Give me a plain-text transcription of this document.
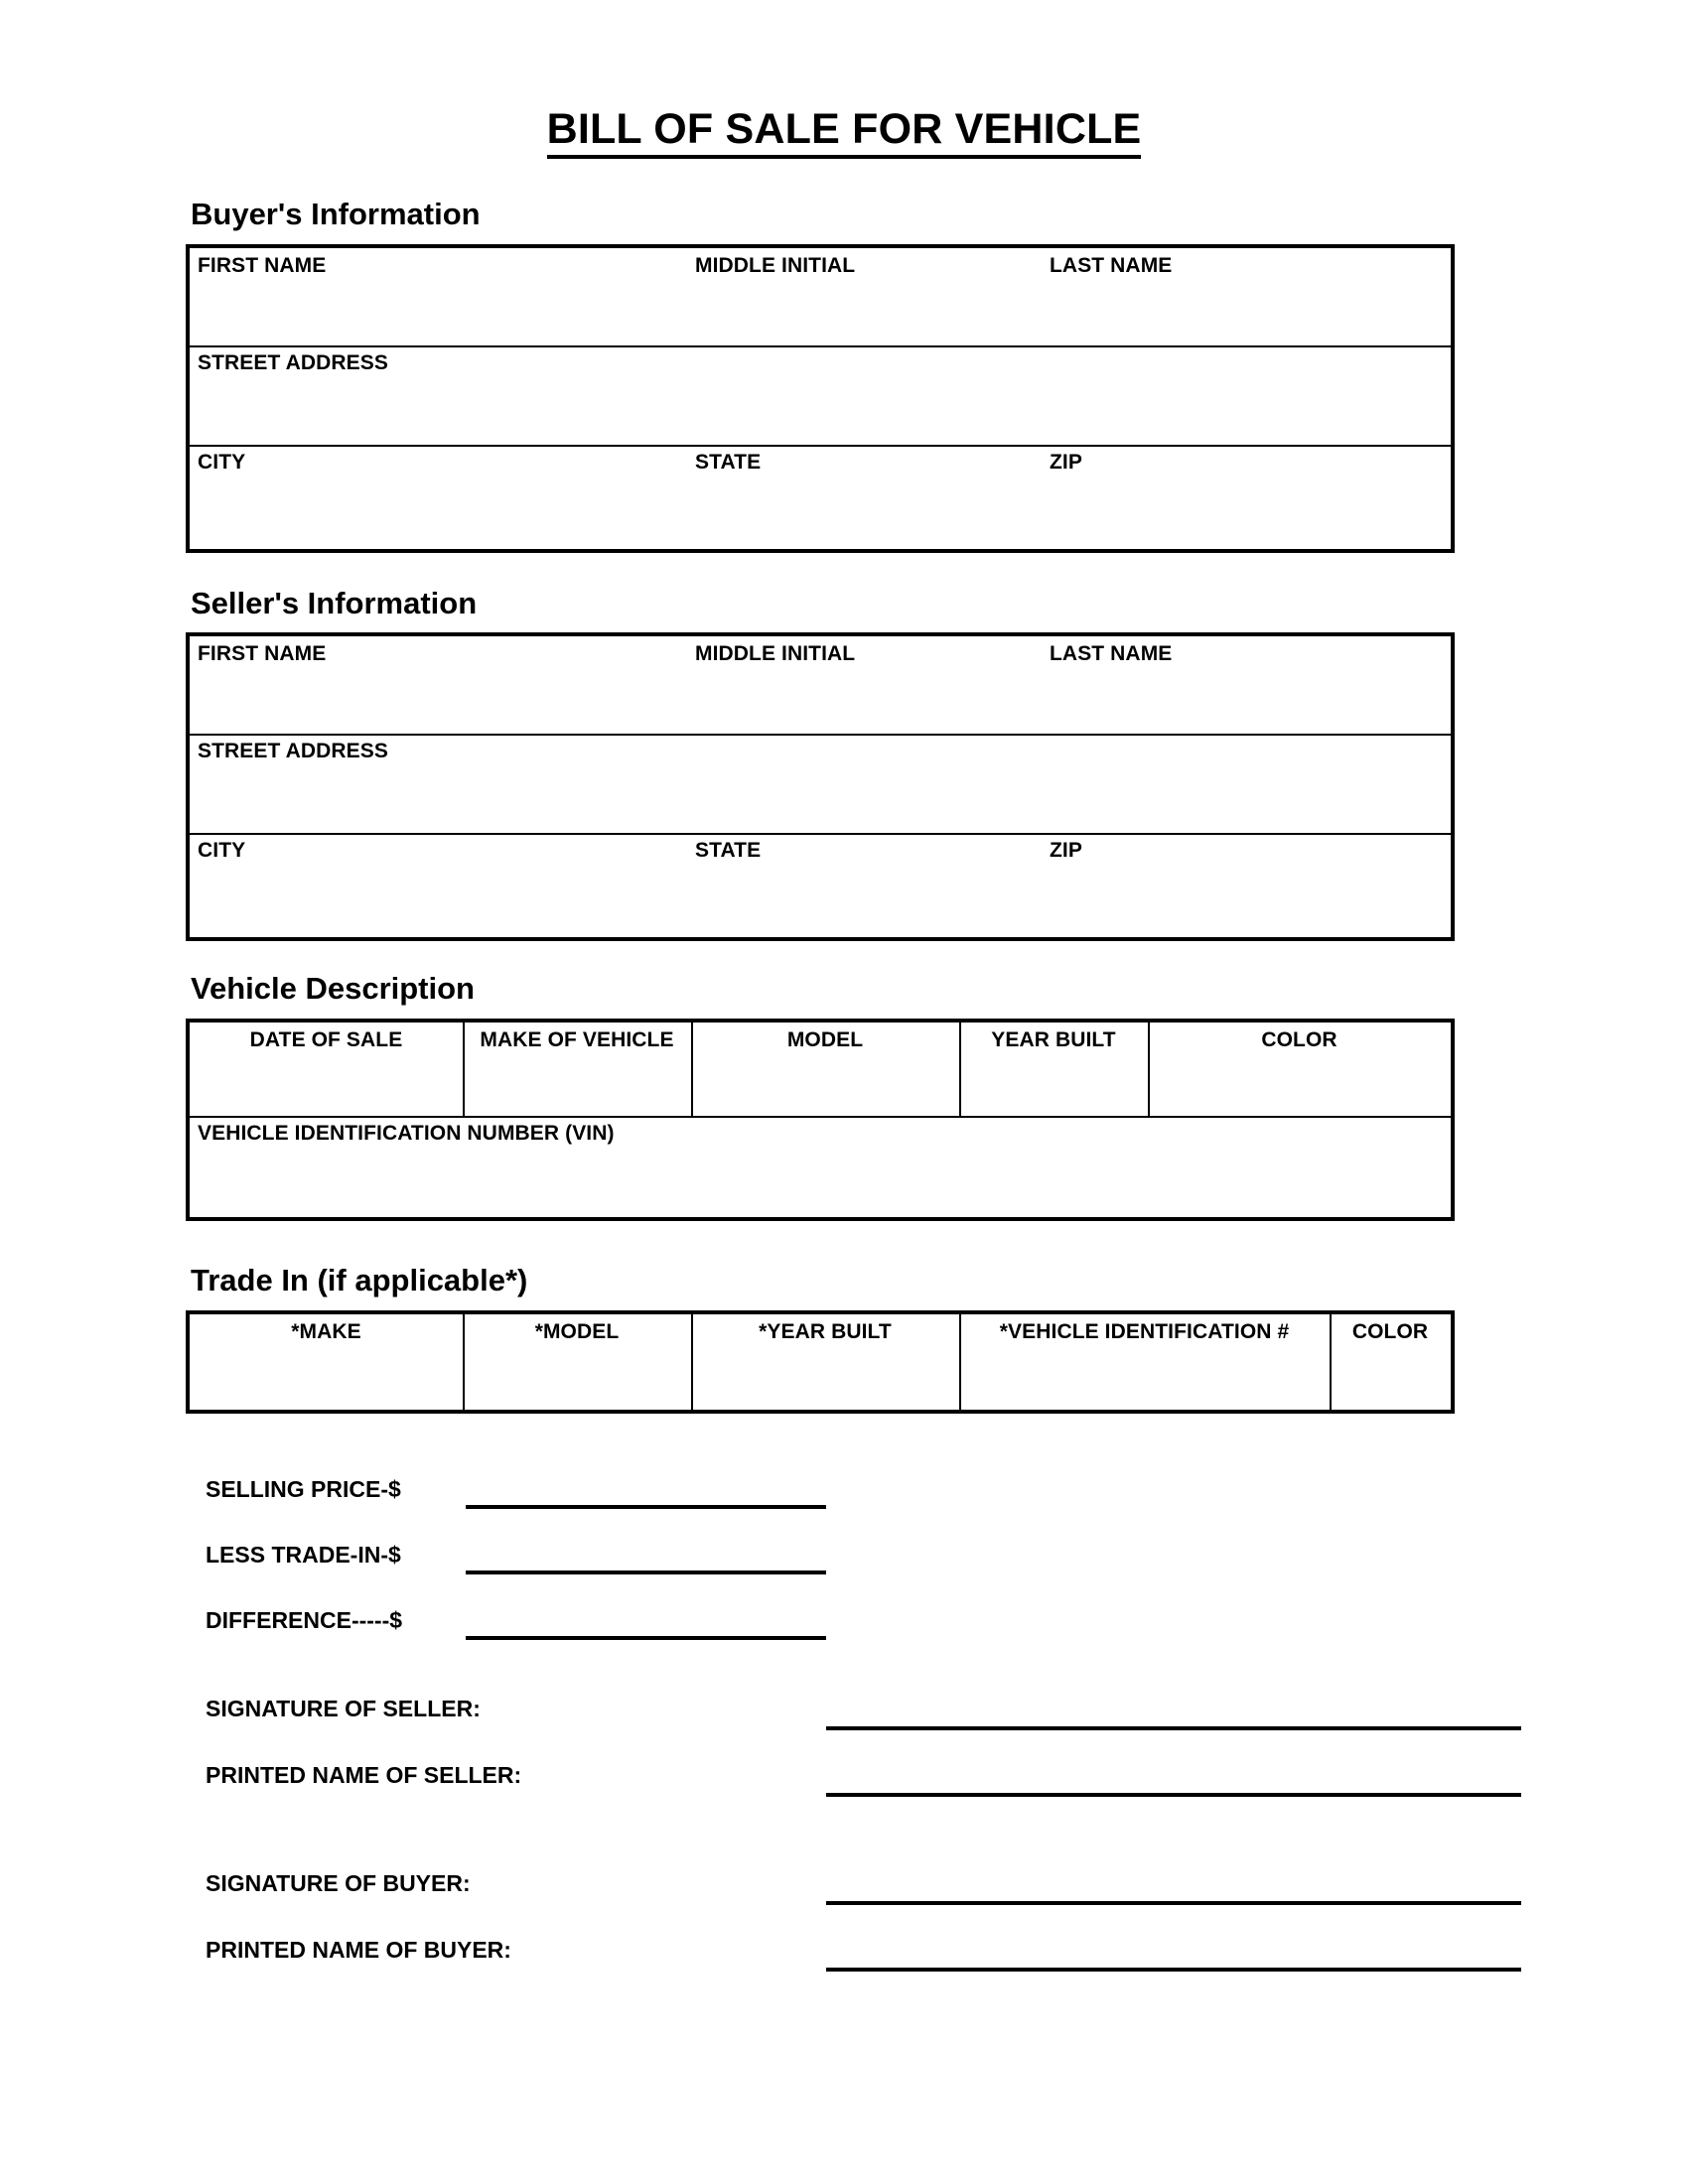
BILL OF SALE FOR VEHICLE
Buyer's Information
FIRST NAME	MIDDLE INITIAL	LAST NAME
STREET ADDRESS
CITY	STATE	ZIP
Seller's Information
FIRST NAME	MIDDLE INITIAL	LAST NAME
STREET ADDRESS
CITY	STATE	ZIP
Vehicle Description
DATE OF SALE	MAKE OF VEHICLE	MODEL	YEAR BUILT	COLOR
VEHICLE IDENTIFICATION NUMBER (VIN)
Trade In (if applicable*)
*MAKE	*MODEL	*YEAR BUILT	*VEHICLE IDENTIFICATION #	COLOR
SELLING PRICE-$
LESS TRADE-IN-$
DIFFERENCE-----$
SIGNATURE OF SELLER:
PRINTED NAME OF SELLER:
SIGNATURE OF BUYER:
PRINTED NAME OF BUYER:
